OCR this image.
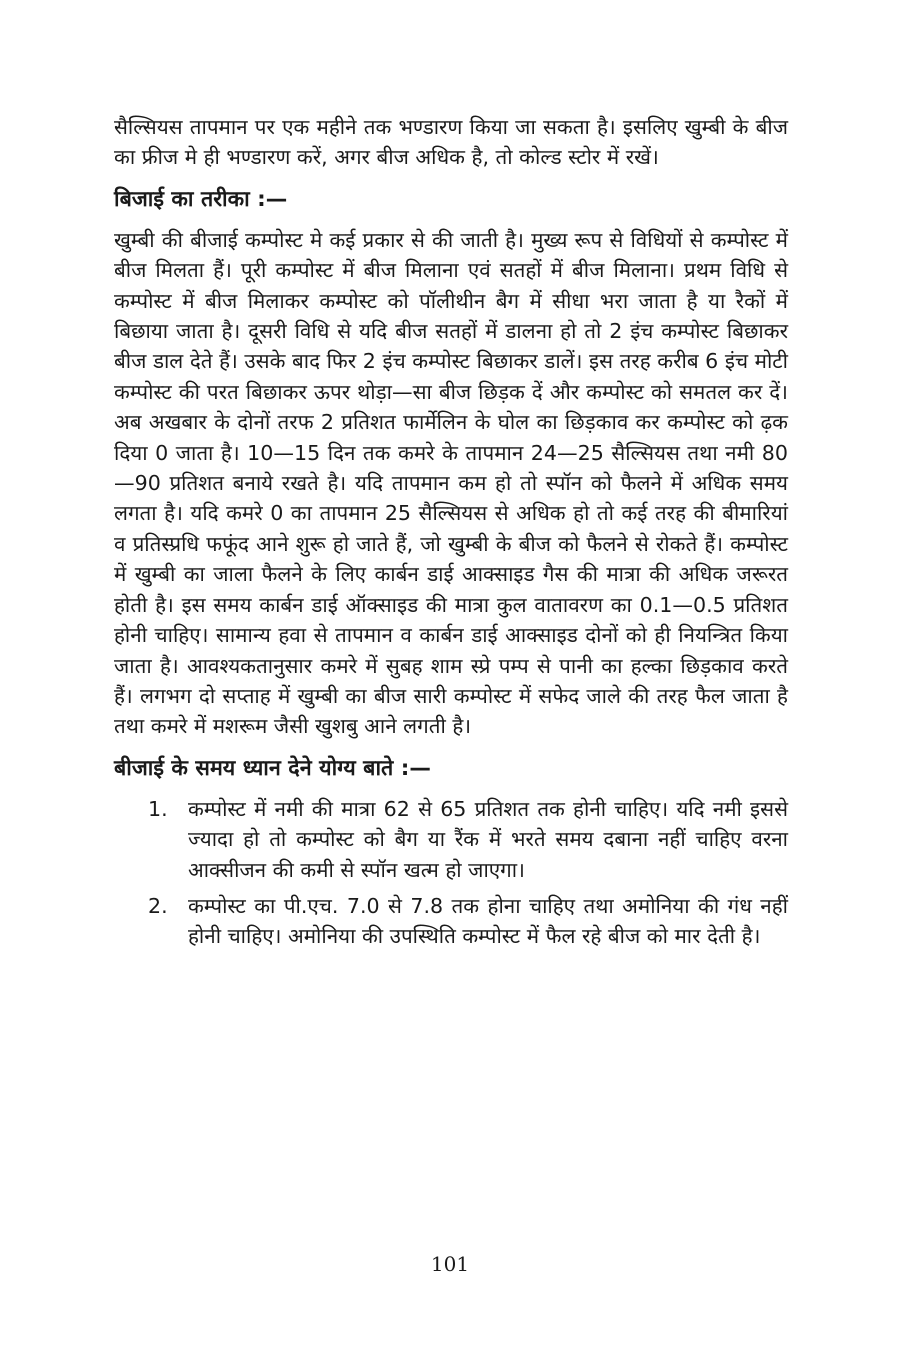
सैल्सियस तापमान पर एक महीने तक भण्डारण किया जा सकता है। इसलिए खुम्बी के बीज का फ्रीज मे ही भण्डारण करें, अगर बीज अधिक है, तो कोल्ड स्टोर में रखें।

बिजाई का तरीका :—

खुम्बी की बीजाई कम्पोस्ट मे कई प्रकार से की जाती है। मुख्य रूप से विधियों से कम्पोस्ट में बीज मिलता हैं। पूरी कम्पोस्ट में बीज मिलाना एवं सतहों में बीज मिलाना। प्रथम विधि से कम्पोस्ट में बीज मिलाकर कम्पोस्ट को पॉलीथीन बैग में सीधा भरा जाता है या रैकों में बिछाया जाता है। दूसरी विधि से यदि बीज सतहों में डालना हो तो 2 इंच कम्पोस्ट बिछाकर बीज डाल देते हैं। उसके बाद फिर 2 इंच कम्पोस्ट बिछाकर डालें। इस तरह करीब 6 इंच मोटी कम्पोस्ट की परत बिछाकर ऊपर थोड़ा—सा बीज छिड़क दें और कम्पोस्ट को समतल कर दें। अब अखबार के दोनों तरफ 2 प्रतिशत फार्मेलिन के घोल का छिड़काव कर कम्पोस्ट को ढ़क दिया 0 जाता है। 10—15 दिन तक कमरे के तापमान 24—25 सैल्सियस तथा नमी 80—90 प्रतिशत बनाये रखते है। यदि तापमान कम हो तो स्पॉन को फैलने में अधिक समय लगता है। यदि कमरे 0 का तापमान 25 सैल्सियस से अधिक हो तो कई तरह की बीमारियां व प्रतिस्प्रधि फफूंद आने शुरू हो जाते हैं, जो खुम्बी के बीज को फैलने से रोकते हैं। कम्पोस्ट में खुम्बी का जाला फैलने के लिए कार्बन डाई आक्साइड गैस की मात्रा की अधिक जरूरत होती है। इस समय कार्बन डाई ऑक्साइड की मात्रा कुल वातावरण का 0.1—0.5 प्रतिशत होनी चाहिए। सामान्य हवा से तापमान व कार्बन डाई आक्साइड दोनों को ही नियन्त्रित किया जाता है। आवश्यकतानुसार कमरे में सुबह शाम स्प्रे पम्प से पानी का हल्का छिड़काव करते हैं। लगभग दो सप्ताह में खुम्बी का बीज सारी कम्पोस्ट में सफेद जाले की तरह फैल जाता है तथा कमरे में मशरूम जैसी खुशबु आने लगती है।

बीजाई के समय ध्यान देने योग्य बाते :—
1. कम्पोस्ट में नमी की मात्रा 62 से 65 प्रतिशत तक होनी चाहिए। यदि नमी इससे ज्यादा हो तो कम्पोस्ट को बैग या रैंक में भरते समय दबाना नहीं चाहिए वरना आक्सीजन की कमी से स्पॉन खत्म हो जाएगा।

2. कम्पोस्ट का पी.एच. 7.0 से 7.8 तक होना चाहिए तथा अमोनिया की गंध नहीं होनी चाहिए। अमोनिया की उपस्थिति कम्पोस्ट में फैल रहे बीज को मार देती है।

101
